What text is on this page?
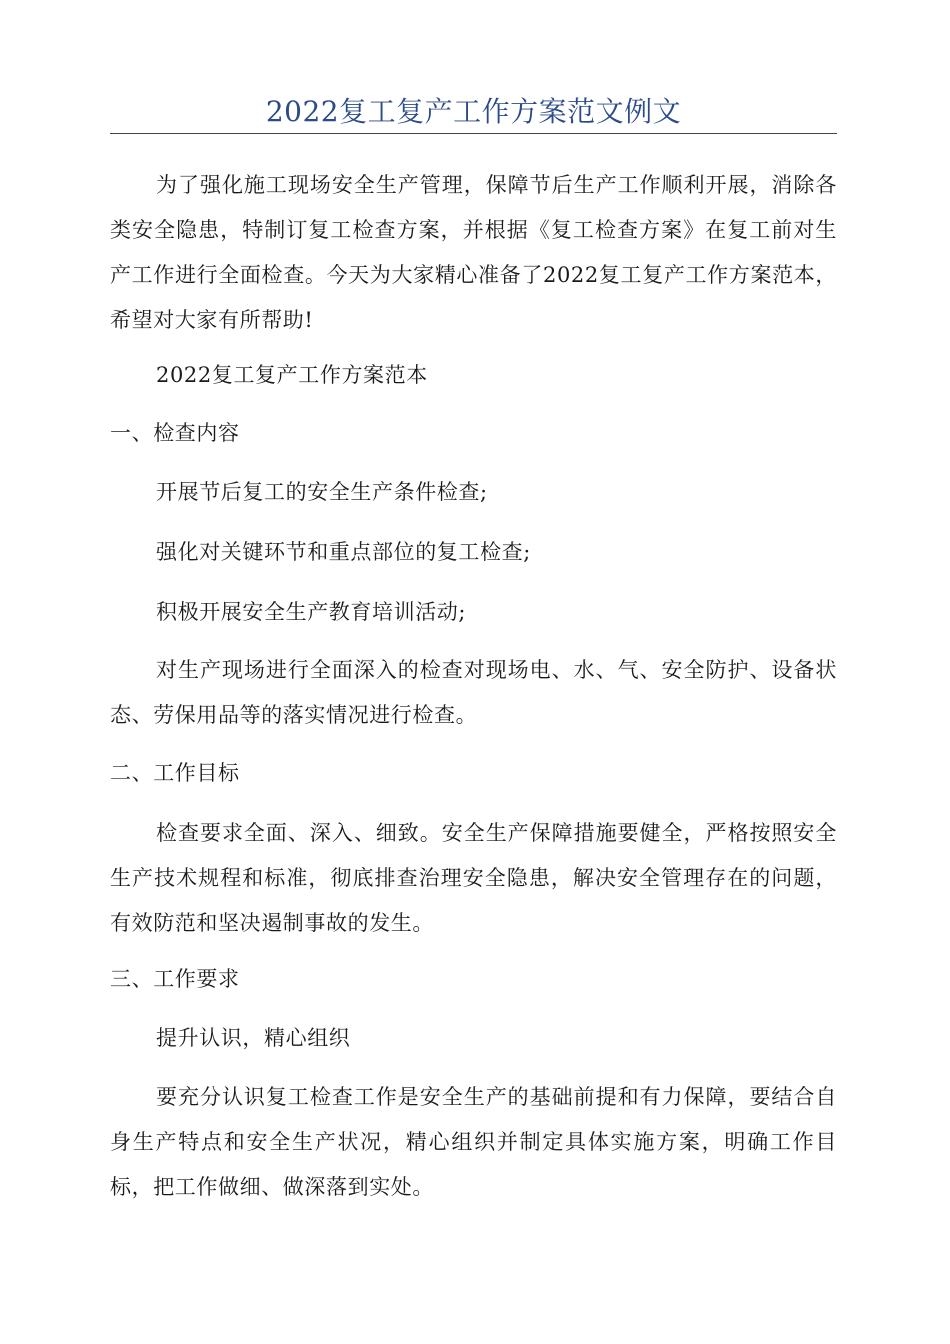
2022复工复产工作方案范文例文

为了强化施工现场安全生产管理，保障节后生产工作顺利开展，消除各类安全隐患，特制订复工检查方案，并根据《复工检查方案》在复工前对生产工作进行全面检查。今天为大家精心准备了2022复工复产工作方案范本，希望对大家有所帮助!

2022复工复产工作方案范本

一、检查内容

开展节后复工的安全生产条件检查;

强化对关键环节和重点部位的复工检查;

积极开展安全生产教育培训活动;

对生产现场进行全面深入的检查对现场电、水、气、安全防护、设备状态、劳保用品等的落实情况进行检查。

二、工作目标

检查要求全面、深入、细致。安全生产保障措施要健全，严格按照安全生产技术规程和标准，彻底排查治理安全隐患，解决安全管理存在的问题，有效防范和坚决遏制事故的发生。

三、工作要求

提升认识，精心组织

要充分认识复工检查工作是安全生产的基础前提和有力保障，要结合自身生产特点和安全生产状况，精心组织并制定具体实施方案，明确工作目标，把工作做细、做深落到实处。
